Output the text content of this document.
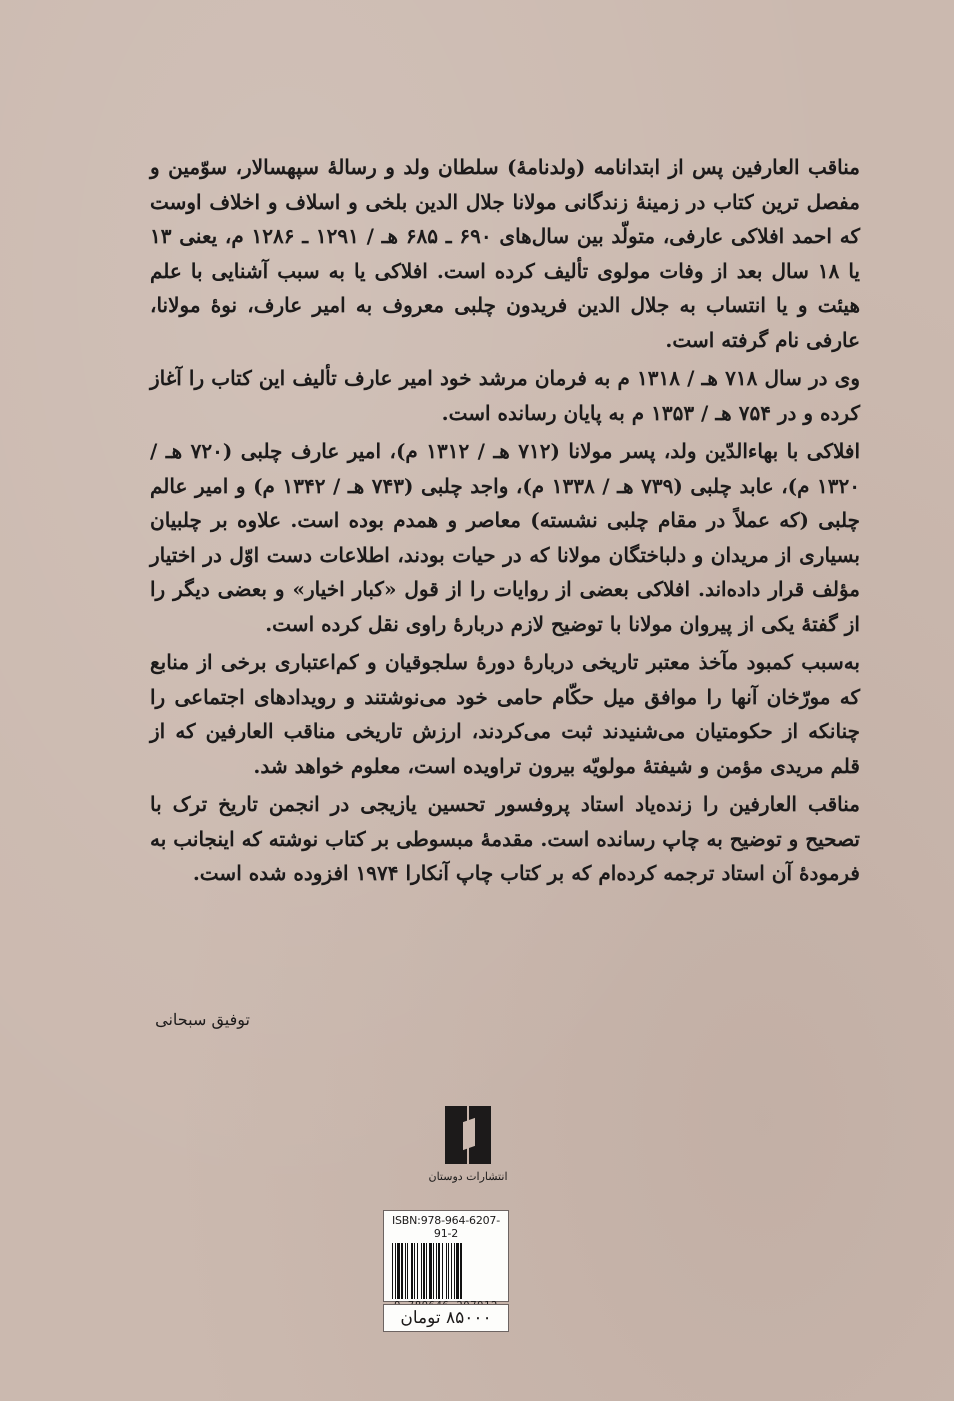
مناقب العارفین پس از ابتدانامه (ولدنامهٔ) سلطان ولد و رسالهٔ سپهسالار، سوّمین و مفصل ترین کتاب در زمینهٔ زندگانی مولانا جلال الدین بلخی و اسلاف و اخلاف اوست که احمد افلاکی عارفی، متولّد بین سال‌های ۶۹۰ ـ ۶۸۵ هـ / ۱۲۹۱ ـ ۱۲۸۶ م، یعنی ۱۳ یا ۱۸ سال بعد از وفات مولوی تألیف کرده است. افلاکی یا به سبب آشنایی با علم هیئت و یا انتساب به جلال الدین فریدون چلبی معروف به امیر عارف، نوهٔ مولانا، عارفی نام گرفته است.

وی در سال ۷۱۸ هـ / ۱۳۱۸ م به فرمان مرشد خود امیر عارف تألیف این کتاب را آغاز کرده و در ۷۵۴ هـ / ۱۳۵۳ م به پایان رسانده است.

افلاکی با بهاءالدّین ولد، پسر مولانا (۷۱۲ هـ / ۱۳۱۲ م)، امیر عارف چلبی (۷۲۰ هـ / ۱۳۲۰ م)، عابد چلبی (۷۳۹ هـ / ۱۳۳۸ م)، واجد چلبی (۷۴۳ هـ / ۱۳۴۲ م) و امیر عالم چلبی (که عملاً در مقام چلبی نشسته) معاصر و همدم بوده است. علاوه بر چلبیان بسیاری از مریدان و دلباختگان مولانا که در حیات بودند، اطلاعات دست اوّل در اختیار مؤلف قرار داده‌اند. افلاکی بعضی از روایات را از قول «کبار اخیار» و بعضی دیگر را از گفتهٔ یکی از پیروان مولانا با توضیح لازم دربارهٔ راوی نقل کرده است.

به‌سبب کمبود مآخذ معتبر تاریخی دربارهٔ دورهٔ سلجوقیان و کم‌اعتباری برخی از منابع که مورّخان آنها را موافق میل حکّام حامی خود می‌نوشتند و رویدادهای اجتماعی را چنانکه از حکومتیان می‌شنیدند ثبت می‌کردند، ارزش تاریخی مناقب العارفین که از قلم مریدی مؤمن و شیفتهٔ مولویّه بیرون تراویده است، معلوم خواهد شد.

مناقب العارفین را زنده‌یاد استاد پروفسور تحسین یازیجی در انجمن تاریخ ترک با تصحیح و توضیح به چاپ رسانده است. مقدمهٔ مبسوطی بر کتاب نوشته که اینجانب به فرمودهٔ آن استاد ترجمه کرده‌ام که بر کتاب چاپ آنکارا ۱۹۷۴ افزوده شده است.

توفیق سبحانی
انتشارات دوستان
ISBN:978-964-6207-91-2
۸۵۰۰۰ تومان
